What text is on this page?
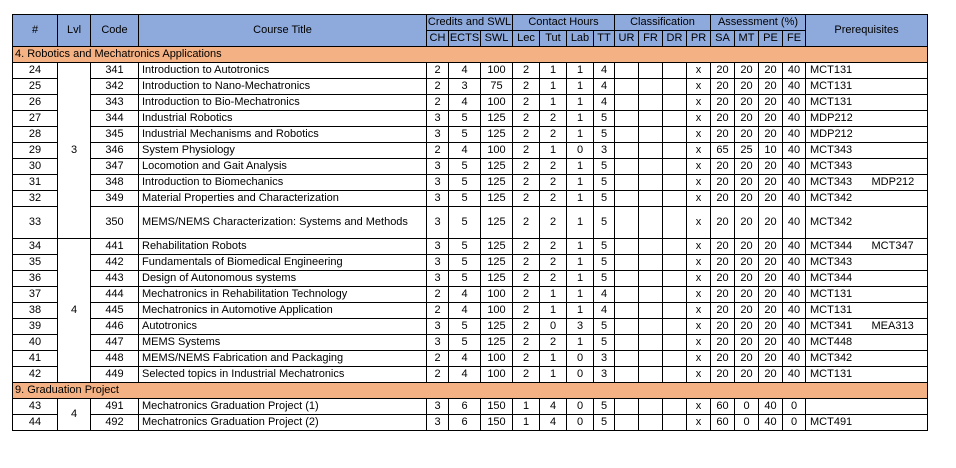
#	Lvl	Code	Course Title	Credits and SWL			Contact Hours				Classification				Assessment (%)				Prerequisites	
				CH	ECTS	SWL	Lec	Tut	Lab	TT	UR	FR	DR	PR	SA	MT	PE	FE		
4. Robotics and Mechatronics Applications																				
24	3	341	Introduction to Autotronics	2	4	100	2	1	1	4				x	20	20	20	40	MCT131	
25		342	Introduction to Nano-Mechatronics	2	3	75	2	1	1	4				x	20	20	20	40	MCT131	
26		343	Introduction to Bio-Mechatronics	2	4	100	2	1	1	4				x	20	20	20	40	MCT131	
27		344	Industrial Robotics	3	5	125	2	2	1	5				x	20	20	20	40	MDP212	
28		345	Industrial Mechanisms and Robotics	3	5	125	2	2	1	5				x	20	20	20	40	MDP212	
29		346	System Physiology	2	4	100	2	1	0	3				x	65	25	10	40	MCT343	
30		347	Locomotion and Gait Analysis	3	5	125	2	2	1	5				x	20	20	20	40	MCT343	
31		348	Introduction to Biomechanics	3	5	125	2	2	1	5				x	20	20	20	40	MCT343	MDP212
32		349	Material Properties and Characterization	3	5	125	2	2	1	5				x	20	20	20	40	MCT342	
33		350	MEMS/NEMS Characterization: Systems and Methods	3	5	125	2	2	1	5				x	20	20	20	40	MCT342	
34	4	441	Rehabilitation Robots	3	5	125	2	2	1	5				x	20	20	20	40	MCT344	MCT347
35		442	Fundamentals of Biomedical Engineering	3	5	125	2	2	1	5				x	20	20	20	40	MCT343	
36		443	Design of Autonomous systems	3	5	125	2	2	1	5				x	20	20	20	40	MCT344	
37		444	Mechatronics in Rehabilitation Technology	2	4	100	2	1	1	4				x	20	20	20	40	MCT131	
38		445	Mechatronics in Automotive Application	2	4	100	2	1	1	4				x	20	20	20	40	MCT131	
39		446	Autotronics	3	5	125	2	0	3	5				x	20	20	20	40	MCT341	MEA313
40		447	MEMS Systems	3	5	125	2	2	1	5				x	20	20	20	40	MCT448	
41		448	MEMS/NEMS Fabrication and Packaging	2	4	100	2	1	0	3				x	20	20	20	40	MCT342	
42		449	Selected topics in Industrial Mechatronics	2	4	100	2	1	0	3				x	20	20	20	40	MCT131	
9. Graduation Project																				
43	4	491	Mechatronics Graduation Project (1)	3	6	150	1	4	0	5				x	60	0	40	0		
44		492	Mechatronics Graduation Project (2)	3	6	150	1	4	0	5				x	60	0	40	0	MCT491	
